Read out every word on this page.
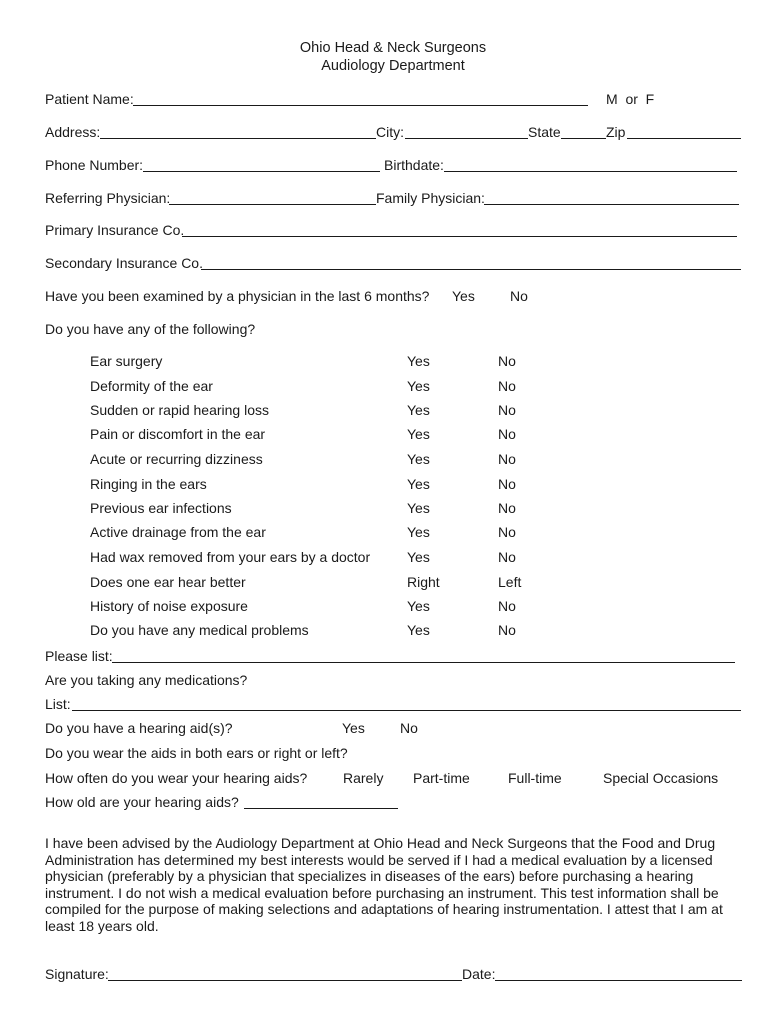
Ohio Head & Neck Surgeons
Audiology Department
Patient Name:	M  or  F
Address:	City:	State	Zip
Phone Number:	Birthdate:
Referring Physician:	Family Physician:
Primary Insurance Co.
Secondary Insurance Co.
Have you been examined by a physician in the last 6 months? Yes	No
Do you have any of the following?
Ear surgery	Yes	No
Deformity of the ear	Yes	No
Sudden or rapid hearing loss	Yes	No
Pain or discomfort in the ear	Yes	No
Acute or recurring dizziness	Yes	No
Ringing in the ears	Yes	No
Previous ear infections	Yes	No
Active drainage from the ear	Yes	No
Had wax removed from your ears by a doctor	Yes	No
Does one ear hear better	Right	Left
History of noise exposure	Yes	No
Do you have any medical problems	Yes	No
Please list:
Are you taking any medications?
List:
Do you have a hearing aid(s)?	Yes	No
Do you wear the aids in both ears or right or left?
How often do you wear your hearing aids?	Rarely Part-time	Full-time	Special Occasions
How old are your hearing aids?
I have been advised by the Audiology Department at Ohio Head and Neck Surgeons that the Food and Drug Administration has determined my best interests would be served if I had a medical evaluation by a licensed physician (preferably by a physician that specializes in diseases of the ears) before purchasing a hearing instrument. I do not wish a medical evaluation before purchasing an instrument. This test information shall be compiled for the purpose of making selections and adaptations of hearing instrumentation. I attest that I am at least 18 years old.
Signature:	Date:
